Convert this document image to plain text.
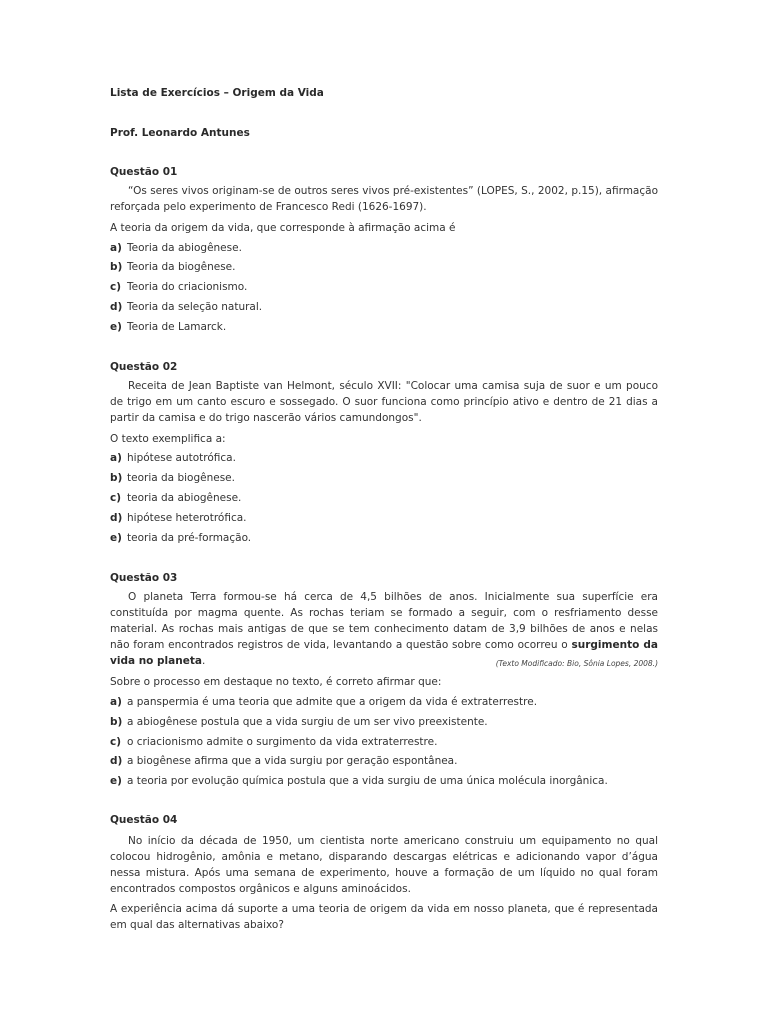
Lista de Exercícios – Origem da Vida
Prof. Leonardo Antunes
Questão 01
“Os seres vivos originam-se de outros seres vivos pré-existentes” (LOPES, S., 2002, p.15), afirmação reforçada pelo experimento de Francesco Redi (1626-1697).
A teoria da origem da vida, que corresponde à afirmação acima é
a) Teoria da abiogênese.
b) Teoria da biogênese.
c) Teoria do criacionismo.
d) Teoria da seleção natural.
e) Teoria de Lamarck.
Questão 02
Receita de Jean Baptiste van Helmont, século XVII: "Colocar uma camisa suja de suor e um pouco de trigo em um canto escuro e sossegado. O suor funciona como princípio ativo e dentro de 21 dias a partir da camisa e do trigo nascerão vários camundongos".
O texto exemplifica a:
a) hipótese autotrófica.
b) teoria da biogênese.
c) teoria da abiogênese.
d) hipótese heterotrófica.
e) teoria da pré-formação.
Questão 03
O planeta Terra formou-se há cerca de 4,5 bilhões de anos. Inicialmente sua superfície era constituída por magma quente. As rochas teriam se formado a seguir, com o resfriamento desse material. As rochas mais antigas de que se tem conhecimento datam de 3,9 bilhões de anos e nelas não foram encontrados registros de vida, levantando a questão sobre como ocorreu o surgimento da vida no planeta.	(Texto Modificado: Bio, Sônia Lopes, 2008.)
Sobre o processo em destaque no texto, é correto afirmar que:
a) a panspermia é uma teoria que admite que a origem da vida é extraterrestre.
b) a abiogênese postula que a vida surgiu de um ser vivo preexistente.
c) o criacionismo admite o surgimento da vida extraterrestre.
d) a biogênese afirma que a vida surgiu por geração espontânea.
e) a teoria por evolução química postula que a vida surgiu de uma única molécula inorgânica.
Questão 04
No início da década de 1950, um cientista norte americano construiu um equipamento no qual colocou hidrogênio, amônia e metano, disparando descargas elétricas e adicionando vapor d’água nessa mistura. Após uma semana de experimento, houve a formação de um líquido no qual foram encontrados compostos orgânicos e alguns aminoácidos.
A experiência acima dá suporte a uma teoria de origem da vida em nosso planeta, que é representada em qual das alternativas abaixo?
